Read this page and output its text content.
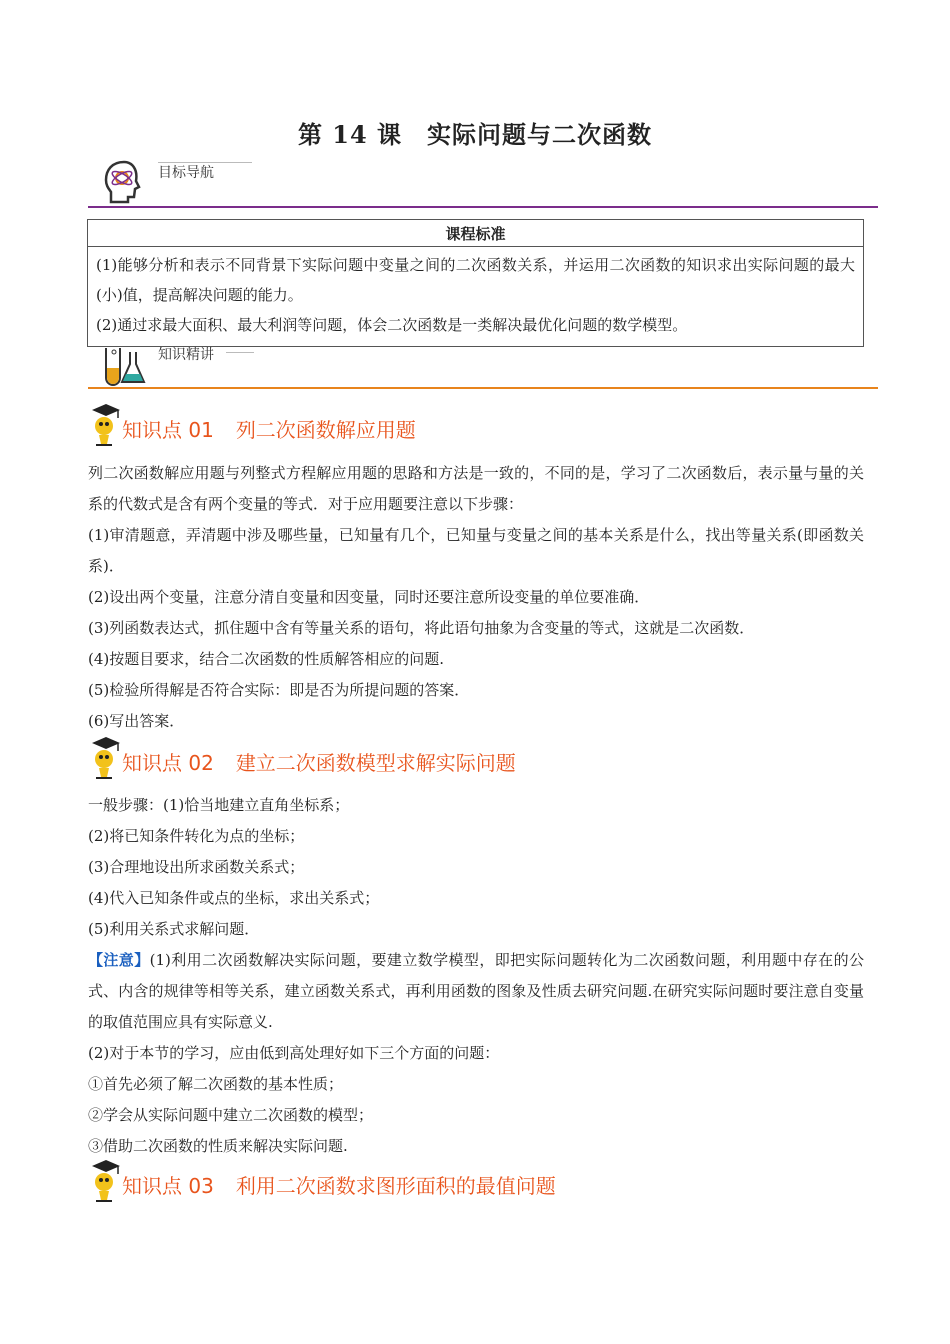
第 14 课　实际问题与二次函数
目标导航
课程标准

(1)能够分析和表示不同背景下实际问题中变量之间的二次函数关系，并运用二次函数的知识求出实际问题的最大(小)值，提高解决问题的能力。
(2)通过求最大面积、最大利润等问题，体会二次函数是一类解决最优化问题的数学模型。
知识精讲
知识点 01 列二次函数解应用题

列二次函数解应用题与列整式方程解应用题的思路和方法是一致的，不同的是，学习了二次函数后，表示量与量的关系的代数式是含有两个变量的等式．对于应用题要注意以下步骤：

(1)审清题意，弄清题中涉及哪些量，已知量有几个，已知量与变量之间的基本关系是什么，找出等量关系(即函数关系)．

(2)设出两个变量，注意分清自变量和因变量，同时还要注意所设变量的单位要准确．

(3)列函数表达式，抓住题中含有等量关系的语句，将此语句抽象为含变量的等式，这就是二次函数．

(4)按题目要求，结合二次函数的性质解答相应的问题.

(5)检验所得解是否符合实际：即是否为所提问题的答案．

(6)写出答案．

知识点 02 建立二次函数模型求解实际问题

一般步骤：(1)恰当地建立直角坐标系；

(2)将已知条件转化为点的坐标；

(3)合理地设出所求函数关系式；

(4)代入已知条件或点的坐标，求出关系式；

(5)利用关系式求解问题．

【注意】(1)利用二次函数解决实际问题，要建立数学模型，即把实际问题转化为二次函数问题，利用题中存在的公式、内含的规律等相等关系，建立函数关系式，再利用函数的图象及性质去研究问题.在研究实际问题时要注意自变量的取值范围应具有实际意义.

(2)对于本节的学习，应由低到高处理好如下三个方面的问题：

①首先必须了解二次函数的基本性质；

②学会从实际问题中建立二次函数的模型；

③借助二次函数的性质来解决实际问题.

知识点 03 利用二次函数求图形面积的最值问题
